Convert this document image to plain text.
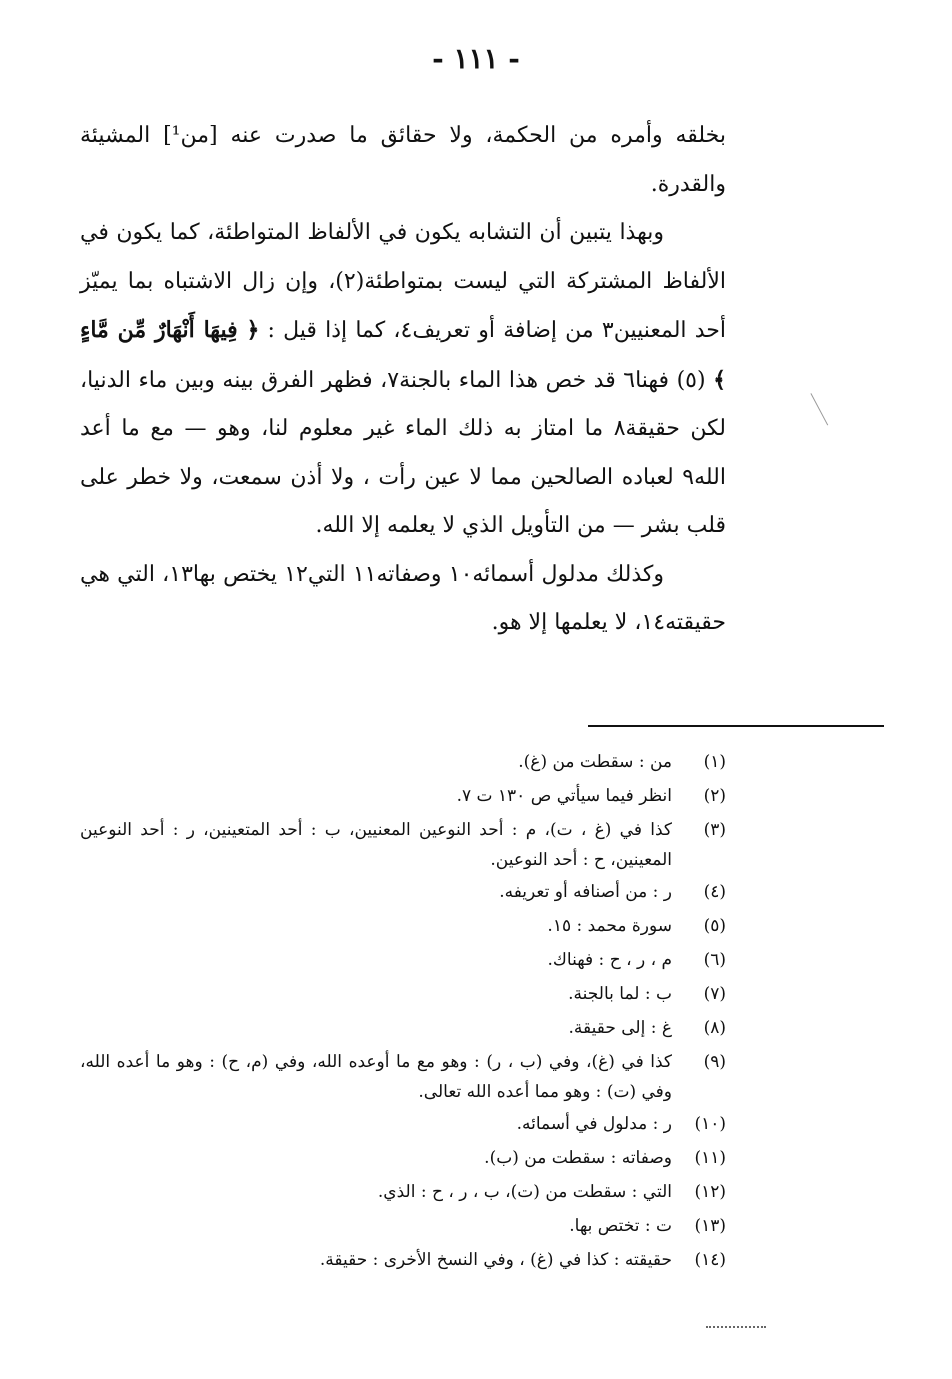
- ١١١ -

بخلقه وأمره من الحكمة، ولا حقائق ما صدرت عنه [من¹] المشيئة والقدرة.

وبهذا يتبين أن التشابه يكون في الألفاظ المتواطئة، كما يكون في الألفاظ المشتركة التي ليست بمتواطئة(٢)، وإن زال الاشتباه بما يميّز أحد المعنيين٣ من إضافة أو تعريف٤، كما إذا قيل : ﴿ فِيهَا أَنْهَارٌ مِّن مَّاءٍ ﴾ (٥) فهنا٦ قد خص هذا الماء بالجنة٧، فظهر الفرق بينه وبين ماء الدنيا، لكن حقيقة٨ ما امتاز به ذلك الماء غير معلوم لنا، وهو — مع ما أعد الله٩ لعباده الصالحين مما لا عين رأت ، ولا أذن سمعت، ولا خطر على قلب بشر — من التأويل الذي لا يعلمه إلا الله.

وكذلك مدلول أسمائه١٠ وصفاته١١ التي١٢ يختص بها١٣، التي هي حقيقته١٤، لا يعلمها إلا هو.

(١)
من : سقطت من (غ).
(٢)
انظر فيما سيأتي ص ١٣٠ ت ٧.
(٣)
كذا في (غ ، ت)، م : أحد النوعين المعنيين، ب : أحد المتعينين، ر : أحد النوعين المعينين، ح : أحد النوعين.
(٤)
ر : من أصنافه أو تعريفه.
(٥)
سورة محمد : ١٥.
(٦)
م ، ر ، ح : فهناك.
(٧)
ب : لما بالجنة.
(٨)
غ : إلى حقيقة.
(٩)
كذا في (غ)، وفي (ب ، ر) : وهو مع ما أوعده الله، وفي (م، ح) : وهو ما أعده الله، وفي (ت) : وهو مما أعده الله تعالى.
(١٠)
ر : مدلول في أسمائه.
(١١)
وصفاته : سقطت من (ب).
(١٢)
التي : سقطت من (ت)، ب ، ر ، ح : الذي.
(١٣)
ت : تختص بها.
(١٤)
حقيقته : كذا في (غ) ، وفي النسخ الأخرى : حقيقة.
